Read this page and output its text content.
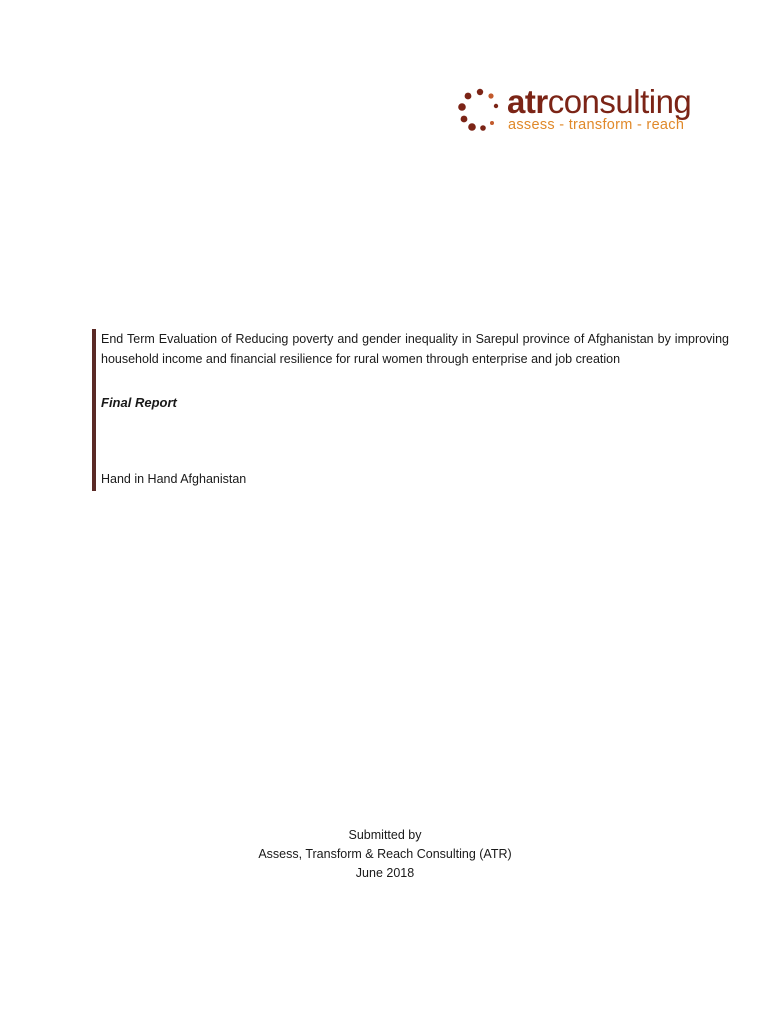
atrconsulting
assess - transform - reach
End Term Evaluation of Reducing poverty and gender inequality in Sarepul province of Afghanistan by improving household income and financial resilience for rural women through enterprise and job creation
Final Report
Hand in Hand Afghanistan
Submitted by
Assess, Transform & Reach Consulting (ATR)
June 2018
